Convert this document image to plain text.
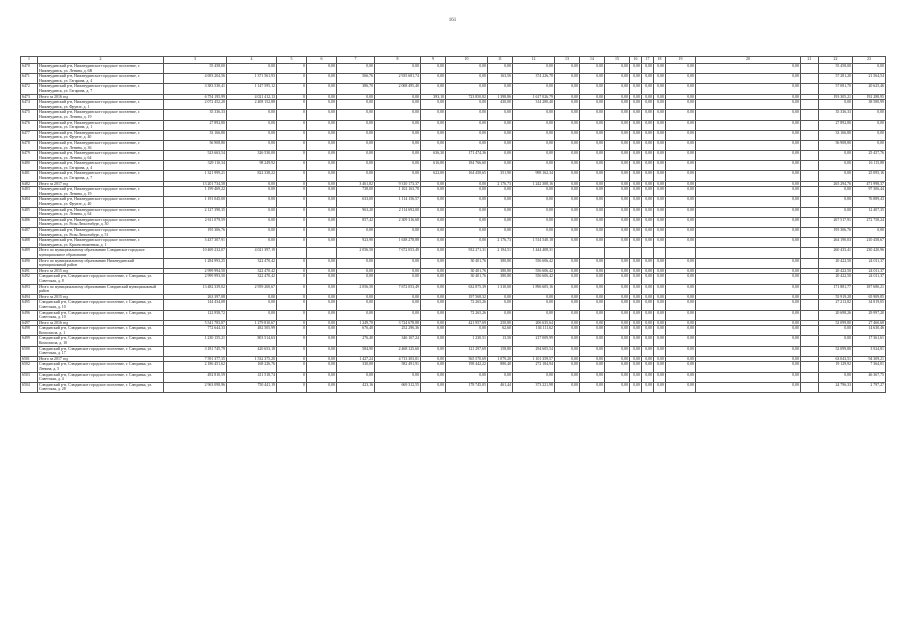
161
1	2	3	4	5	6	7	8	9	10	11	12	13	14	15	16	17	18	19	20	21	22	23
6470	Нижнеудинский р-н, Нижнеудинское городское поселение, г. Нижнеудинск, ул. Ленина, д. 6В	55 458,00	0,00	0	0,00	0,00	0,00	0,00	0,00	0,00	0,00	0,00	0,00	0,00	0,00	0,00	0,00	0,00	0,00		55 458,00	0,00
6471	Нижнеудинский р-н, Нижнеудинское городское поселение, г. Нижнеудинск, ул. Гагарина, д. 4	4 693 204,56	1 371 561,93	0	0,00	566,76	2 935 681,74	0,00	0,00	163,56	374 226,78	0,00	0,00	0,00	0,00	0,00	0,00	0,00	0,00		57 281,20	21 564,54
6472	Нижнеудинский р-н, Нижнеудинское городское поселение, г. Нижнеудинск, ул. Гагарина, д. 7	3 383 530,41	1 147 595,12	0	0,00	386,70	2 068 495,40	0,00	0,00	0,00	0,00	0,00	0,00	0,00	0,00	0,00	0,00	0,00	0,00		57 081,70	20 625,46
6473	Итого за 2016 год	6 754 195,99	4 021 412,13	0	0,00	0,00	0,00	393,10	723 850,82	1 398,86	1 617 026,79	0,00	0,00	0,00	0,00	0,00	0,00	0,00	0,00		193 305,21	192 288,95
6474	Нижнеудинский р-н, Нижнеудинское городское поселение, г. Нижнеудинск, ул. Фрунзе, д. 1	2 072 452,20	2 408 152,88	0	0,00	0,00	0,00	0,00	0,00	430,00	314 280,40	0,00	0,00	0,00	0,00	0,00	0,00	0,00	0,00		0,00	38 580,99
6475	Нижнеудинский р-н, Нижнеудинское городское поселение, г. Нижнеудинск, ул. Ленина, д. 19	35 336,33	0,00	0	0,00	0,00	0,00	0,00	0,00	0,00	0,00	0,00	0,00	0,00	0,00	0,00	0,00	0,00	0,00		35 336,33	0,00
6476	Нижнеудинский р-н, Нижнеудинское городское поселение, г. Нижнеудинск, ул. Гагарина, д. 1	27 892,80	0,00	0	0,00	0,00	0,00	0,00	0,00	0,00	0,00	0,00	0,00	0,00	0,00	0,00	0,00	0,00	0,00		27 892,80	0,00
6477	Нижнеудинский р-н, Нижнеудинское городское поселение, г. Нижнеудинск, ул. Фрунзе, д. 40	33 166,80	0,00	0	0,00	0,00	0,00	0,00	0,00	0,00	0,00	0,00	0,00	0,00	0,00	0,00	0,00	0,00	0,00		33 166,80	0,00
6478	Нижнеудинский р-н, Нижнеудинское городское поселение, г. Нижнеудинск, ул. Ленина, д. 36	56 908,80	0,00	0	0,00	0,00	0,00	0,00	0,00	0,00	0,00	0,00	0,00	0,00	0,00	0,00	0,00	0,00	0,00		56 908,80	0,00
6479	Нижнеудинский р-н, Нижнеудинское городское поселение, г. Нижнеудинск, ул. Ленина, д. 64	523 663,54	326 530,00	0	0,00	0,00	0,00	636,30	171 474,36	0,00	0,00	0,00	0,00	0,00	0,00	0,00	0,00	0,00	0,00		0,00	25 457,76
6480	Нижнеудинский р-н, Нижнеудинское городское поселение, г. Нижнеудинск, ул. Гагарина, д. 4	329 110,34	98 249,92	0	0,00	0,00	0,00	616,80	184 766,60	0,00	0,00	0,00	0,00	0,00	0,00	0,00	0,00	0,00	0,00		0,00	16 115,88
6481	Нижнеудинский р-н, Нижнеудинское городское поселение, г. Нижнеудинск, ул. Гагарина, д. 7	1 321 999,21	822 338,22	0	0,00	0,00	0,00	622,00	164 458,65	351,90	998 162,34	0,00	0,00	0,00	0,00	0,00	0,00	0,00	0,00		0,00	25 095,16
6482	Итого за 2017 год	13 201 734,58	0,00	0	0,00	3 461,82	9 310 173,37	0,00	0,00	2 176,73	1 242 308,16	0,00	0,00	0,00	0,00	0,00	0,00	0,00	0,00		265 294,76	471 998,37
6483	Нижнеудинский р-н, Нижнеудинское городское поселение, г. Нижнеудинск, ул. Ленина, д. 19	1 199 469,22	0,00	0	0,00	738,00	1 102 163,78	0,00	0,00	0,00	0,00	0,00	0,00	0,00	0,00	0,00	0,00	0,00	0,00		0,00	97 306,44
6484	Нижнеудинский р-н, Нижнеудинское городское поселение, г. Нижнеудинск, ул. Фрунзе, д. 40	1 191 045,00	0,00	0	0,00	633,00	1 114 156,57	0,00	0,00	0,00	0,00	0,00	0,00	0,00	0,00	0,00	0,00	0,00	0,00		0,00	76 889,43
6485	Нижнеудинский р-н, Нижнеудинское городское поселение, г. Нижнеудинск, ул. Ленина, д. 64	2 127 398,35	0,00	0	0,00	963,20	2 114 692,00	0,00	0,00	0,00	0,00	0,00	0,00	0,00	0,00	0,00	0,00	0,00	0,00		0,00	12 407,35
6486	Нижнеудинский р-н, Нижнеудинское городское поселение, г. Нижнеудинск, ул. Розы Люксембург, д. 30	2 611 079,59	0,00	0	0,00	857,42	2 309 316,68	0,00	0,00	0,00	0,00	0,00	0,00	0,00	0,00	0,00	0,00	0,00	0,00		267 517,91	272 758,24
6487	Нижнеудинский р-н, Нижнеудинское городское поселение, г. Нижнеудинск, ул. Розы Люксембург, д. 51	195 306,76	0,00	0	0,00	0,00	0,00	0,00	0,00	0,00	0,00	0,00	0,00	0,00	0,00	0,00	0,00	0,00	0,00		195 306,76	0,00
6488	Нижнеудинский р-н, Нижнеудинское городское поселение, г. Нижнеудинск, ул. Краснознаменная, д. 1	3 437 307,91	0,00	0	0,00	923,90	1 638 278,88	0,00	0,00	2 176,73	1 514 540,18	0,00	0,00	0,00	0,00	0,00	0,00	0,00	0,00		264 190,03	210 458,67
6489	Итого по муниципальному образованию Слюдянское городское муниципальное образование	10 469 232,07	4 021 397,19			2 056,50	7 672 053,49	0,00	932 271,31	2 194,51	1 444 408,31										260 433,41	230 420,96
6490	Итого по муниципальному образованию Нижнеудинский муниципальный район	1 284 993,25	322 470,42	0	0,00	0,00	0,00	0,00	30 401,76	380,80	556 606,42	0,00	0,00	0,00	0,00	0,00	0,00	0,00	0,00		20 422,50	24 011,37
6491	Итого за 2015 год	2 999 994,50	322 470,42	0	0,00	0,00	0,00	0,00	30 401,76	380,80	556 606,42	0,00	0,00	0,00	0,00	0,00	0,00	0,00	0,00		20 422,50	24 011,37
6492	Слюдянский р-н, Слюдянское городское поселение, г. Слюдянка, ул. Советская, д. 8	2 999 993,50	322 470,42	0	0,00	0,00	0,00	0,00	30 401,76	380,80	556 606,42	0,00	0,00	0,00	0,00	0,00	0,00	0,00	0,00		20 422,50	24 011,37
6493	Итого по муниципальному образованию Слюдянский муниципальный район	13 482 339,02	2 959 200,67	0	0,00	2 056,50	7 672 053,49	0,00	632 875,39	1 310,00	1 896 605,16	0,00	0,00	0,00	0,00	0,00	0,00	0,00	0,00		171 881,77	187 680,21
6494	Итого за 2015 год	263 397,08	0,00	0	0,00	0,00	0,00	0,00	197 568,32	0,00	0,00	0,00	0,00	0,00	0,00	0,00	0,00	0,00	0,00		55 919,28	65 909,85
6495	Слюдянский р-н, Слюдянское городское поселение, г. Слюдянка, ул. Советская, д. 10	144 434,08	0,00	0	0,00	0,00	0,00	0,00	72 265,26	0,00	0,00	0,00	0,00	0,00	0,00	0,00	0,00	0,00	0,00		27 213,82	34 819,05
6496	Слюдянский р-н, Слюдянское городское поселение, г. Слюдянка, ул. Советская, д. 10	122 958,72	0,00	0	0,00	0,00	0,00	0,00	72 265,26	0,00	0,00	0,00	0,00	0,00	0,00	0,00	0,00	0,00	0,00		20 698,26	29 997,20
6497	Итого за 2016 год	5 541 783,87	1 279 810,67	0	0,00	1 249,70	3 724 678,88	0,00	421 957,69	250,80	206 635,64	0,00	0,00	0,00	0,00	0,00	0,00	0,00	0,00		52 099,80	27 460,68
6498	Слюдянский р-н, Слюдянское городское поселение, г. Слюдянка, ул. Комсомола, д. 1	772 644,33	482 505,99	0	0,00	676,40	252 296,36	0,00	0,00	62,60	104 111,62	0,00	0,00	0,00	0,00	0,00	0,00	0,00	0,00		0,00	14 630,46
6499	Слюдянский р-н, Слюдянское городское поселение, г. Слюдянка, ул. Комсомола, д. 10	1 230 155,21	803 514,63	0	0,00	276,40	346 167,24	0,00	1 230,51	13,50	217 009,99	0,00	0,00	0,00	0,00	0,00	0,00	0,00	0,00		0,00	17 361,61
6500	Слюдянский р-н, Слюдянское городское поселение, г. Слюдянка, ул. Советская, д. 17	3 181 745,79	420 653,18	0	0,00	584,90	2 468 125,60	0,00	121 297,69	158,80	294 605,54	0,00	0,00	0,00	0,00	0,00	0,00	0,00	0,00		52 099,80	3 924,81
6501	Итого за 2017 год	7 591 377,35	1 532 375,20	0	0,00	1 427,24	4 713 303,81	0,00	565 570,69	1 079,20	1 101 359,57	0,00	0,00	0,00	0,00	0,00	0,00	0,00	0,00		63 043,51	94 309,21
6502	Слюдянский р-н, Слюдянское городское поселение, г. Слюдянка, ул. Ленина, д. 5	2 186 451,62	168 226,76	0	0,00	330,00	582 491,91	0,00	198 442,22	880,40	272 184,94	0,00	0,00	0,00	0,00	0,00	0,00	0,00	0,00		19 129,92	7 364,01
6503	Слюдянский р-н, Слюдянское городское поселение, г. Слюдянка, ул. Советская, д. 4	492 810,59	411 518,74	0	0,00	0,00	0,00	0,00	0,00	0,00	0,00	0,00	0,00	0,00	0,00	0,00	0,00	0,00	0,00		0,00	46 367,75
6504	Слюдянский р-н, Слюдянское городское поселение, г. Слюдянка, ул. Советская, д. 28	2 963 098,96	750 441,19	0	0,00	423,16	669 312,55	0,00	178 745,05	461,44	373 221,98	0,00	0,00	0,00	0,00	0,00	0,00	0,00	0,00		24 796,33	2 797,27
